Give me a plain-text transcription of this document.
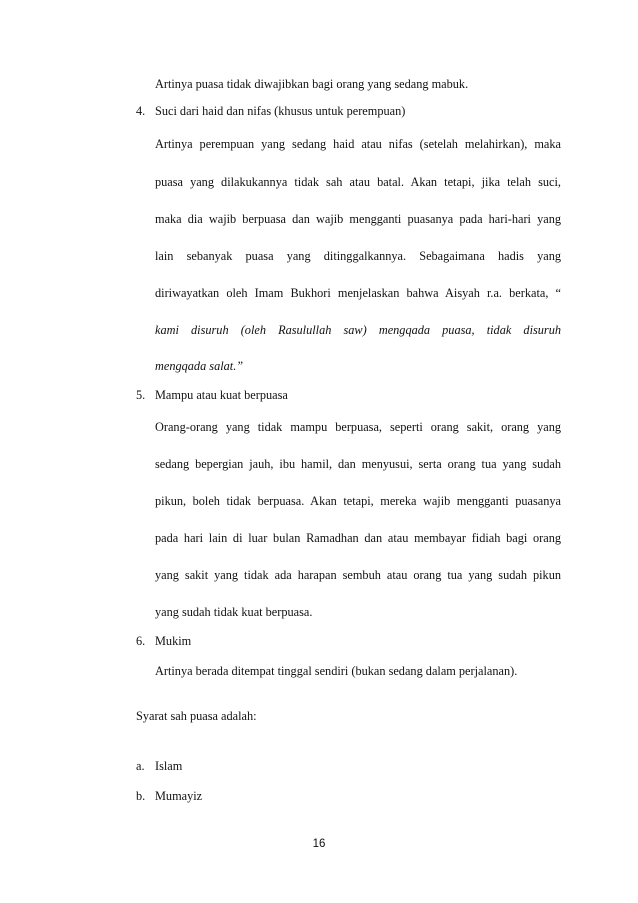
Artinya puasa tidak diwajibkan bagi orang yang sedang mabuk.
4. Suci dari haid dan nifas (khusus untuk perempuan)
Artinya perempuan yang sedang haid atau nifas (setelah melahirkan), maka
puasa yang dilakukannya tidak sah atau batal. Akan tetapi, jika telah suci,
maka dia wajib berpuasa dan wajib mengganti puasanya pada hari-hari yang
lain sebanyak puasa yang ditinggalkannya. Sebagaimana hadis yang
diriwayatkan oleh Imam Bukhori menjelaskan bahwa Aisyah r.a. berkata, “
kami disuruh (oleh Rasulullah saw) mengqada puasa, tidak disuruh
mengqada salat.”
5. Mampu atau kuat berpuasa
Orang-orang yang tidak mampu berpuasa, seperti orang sakit, orang yang
sedang bepergian jauh, ibu hamil, dan menyusui, serta orang tua yang sudah
pikun, boleh tidak berpuasa. Akan tetapi, mereka wajib mengganti puasanya
pada hari lain di luar bulan Ramadhan dan atau membayar fidiah bagi orang
yang sakit yang tidak ada harapan sembuh atau orang tua yang sudah pikun
yang sudah tidak kuat berpuasa.
6. Mukim
Artinya berada ditempat tinggal sendiri (bukan sedang dalam perjalanan).
Syarat sah puasa adalah:
a. Islam
b. Mumayiz
16
